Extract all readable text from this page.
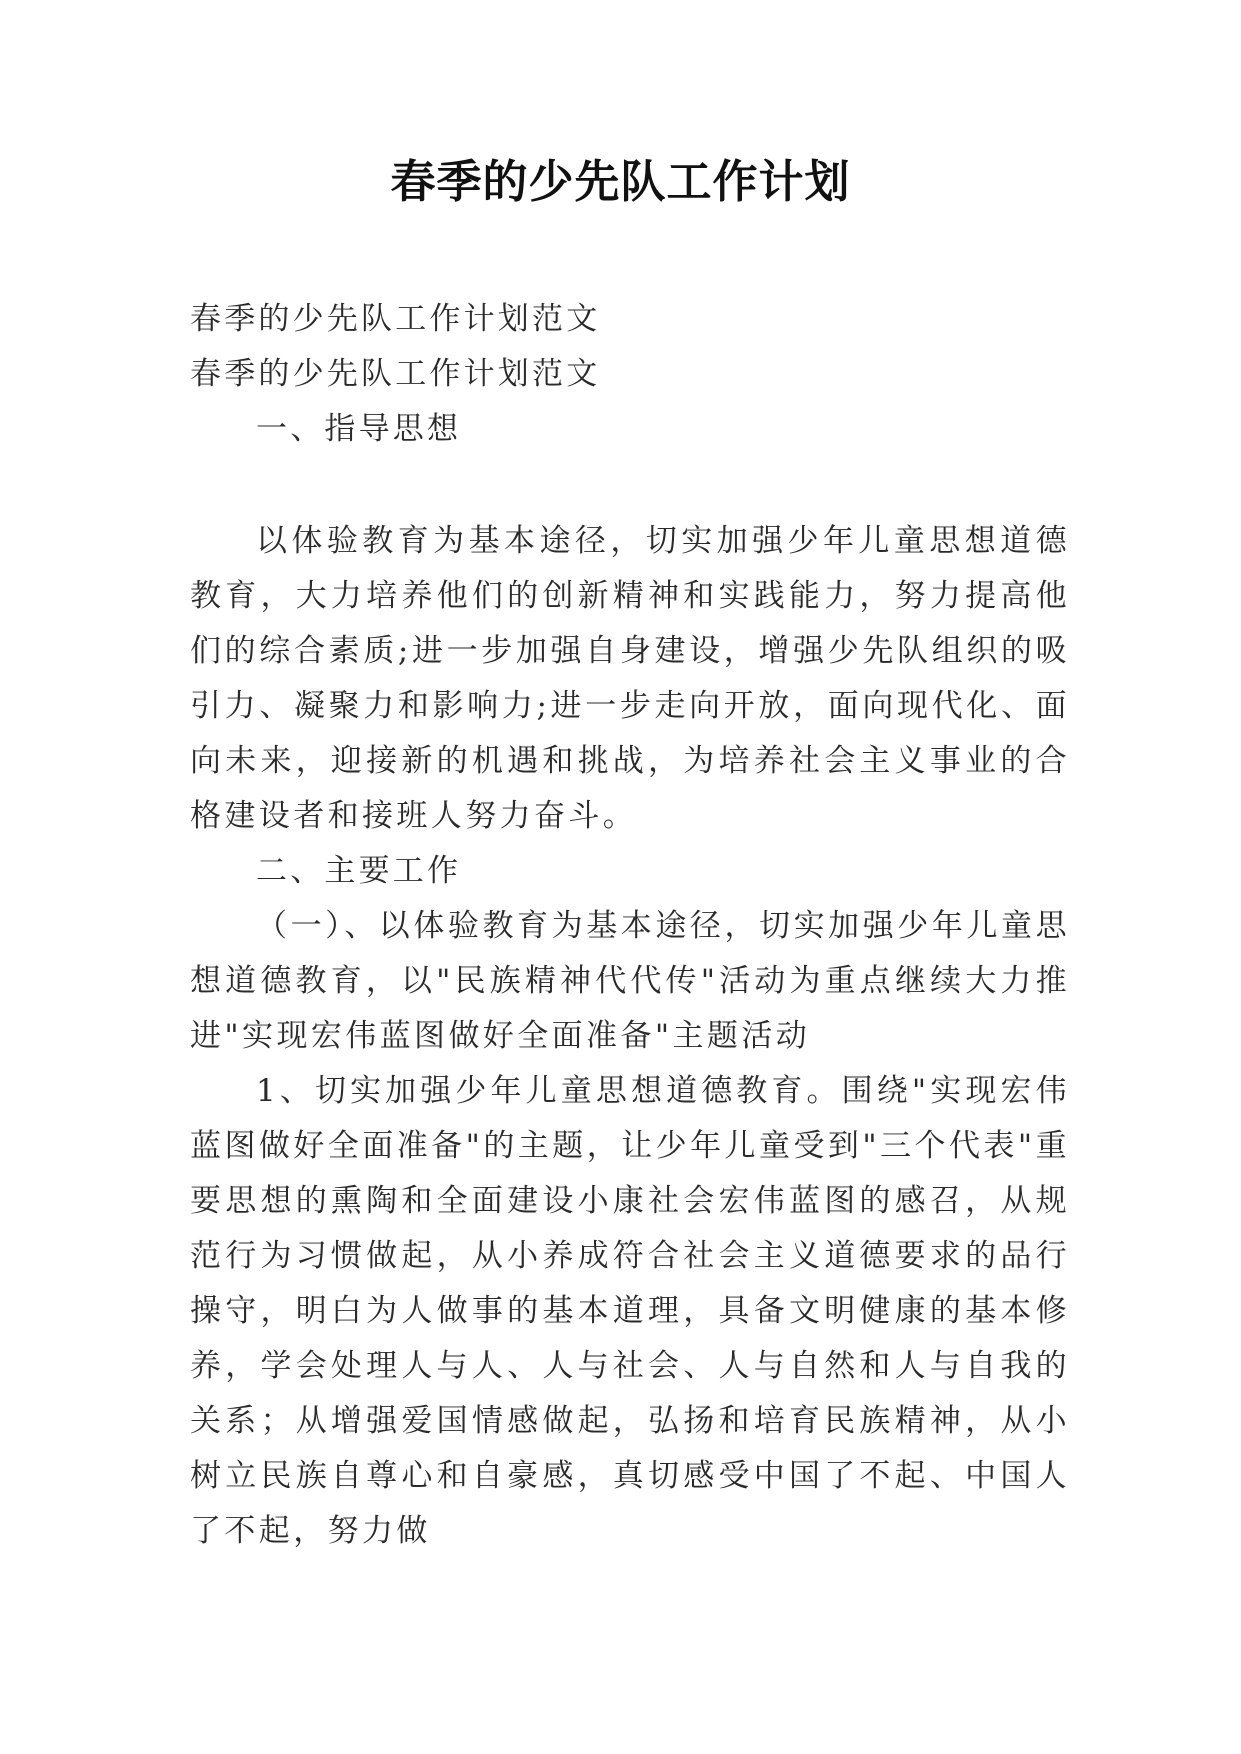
春季的少先队工作计划
春季的少先队工作计划范文
春季的少先队工作计划范文
一、指导思想

以体验教育为基本途径，切实加强少年儿童思想道德教育，大力培养他们的创新精神和实践能力，努力提高他们的综合素质;进一步加强自身建设，增强少先队组织的吸引力、凝聚力和影响力;进一步走向开放，面向现代化、面向未来，迎接新的机遇和挑战，为培养社会主义事业的合格建设者和接班人努力奋斗。

二、主要工作

（一）、以体验教育为基本途径，切实加强少年儿童思想道德教育，以"民族精神代代传"活动为重点继续大力推进"实现宏伟蓝图做好全面准备"主题活动

1、切实加强少年儿童思想道德教育。围绕"实现宏伟蓝图做好全面准备"的主题，让少年儿童受到"三个代表"重要思想的熏陶和全面建设小康社会宏伟蓝图的感召，从规范行为习惯做起，从小养成符合社会主义道德要求的品行操守，明白为人做事的基本道理，具备文明健康的基本修养，学会处理人与人、人与社会、人与自然和人与自我的关系；从增强爱国情感做起，弘扬和培育民族精神，从小树立民族自尊心和自豪感，真切感受中国了不起、中国人了不起，努力做
